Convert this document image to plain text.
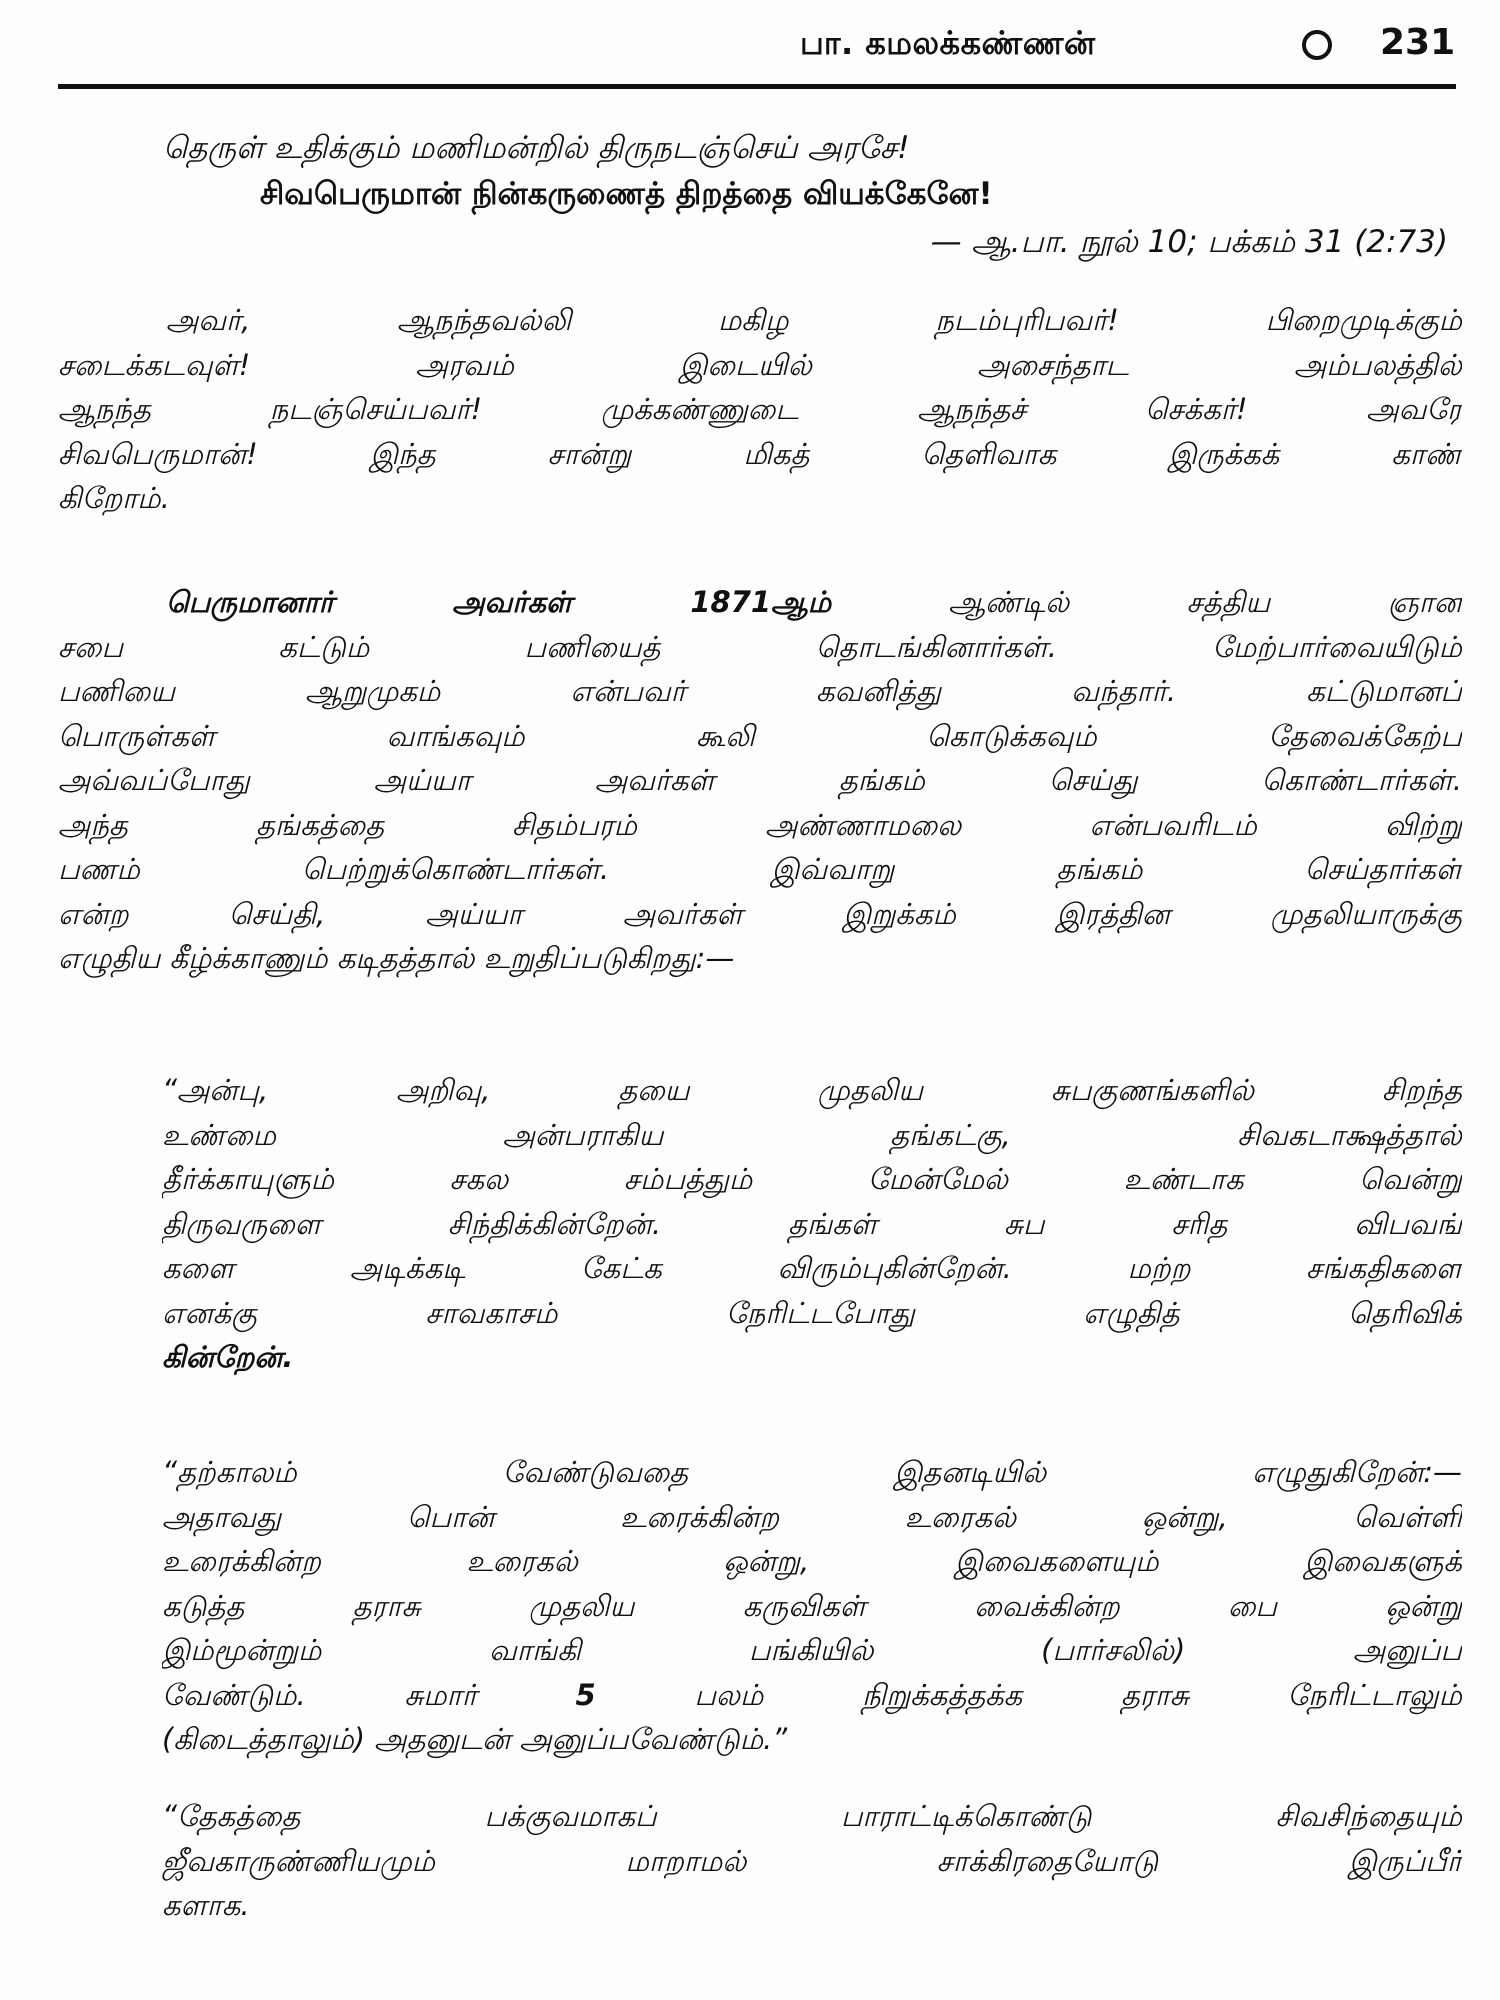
பா. கமலக்கண்ணன்	231
தெருள் உதிக்கும் மணிமன்றில் திருநடஞ்செய் அரசே!
சிவபெருமான் நின்கருணைத் திறத்தை வியக்கேனே!
— ஆ.பா. நூல் 10; பக்கம் 31 (2:73)
அவர், ஆநந்தவல்லி மகிழ நடம்புரிபவர்! பிறைமுடிக்கும்
சடைக்கடவுள்! அரவம் இடையில் அசைந்தாட அம்பலத்தில்
ஆநந்த நடஞ்செய்பவர்! முக்கண்ணுடை ஆநந்தச் செக்கர்! அவரே
சிவபெருமான்! இந்த சான்று மிகத் தெளிவாக இருக்கக் காண்
கிறோம்.
பெருமானார் அவர்கள் 1871ஆம் ஆண்டில் சத்திய ஞான
சபை கட்டும் பணியைத் தொடங்கினார்கள். மேற்பார்வையிடும்
பணியை ஆறுமுகம் என்பவர் கவனித்து வந்தார். கட்டுமானப்
பொருள்கள் வாங்கவும் கூலி கொடுக்கவும் தேவைக்கேற்ப
அவ்வப்போது அய்யா அவர்கள் தங்கம் செய்து கொண்டார்கள்.
அந்த தங்கத்தை சிதம்பரம் அண்ணாமலை என்பவரிடம் விற்று
பணம் பெற்றுக்கொண்டார்கள். இவ்வாறு தங்கம் செய்தார்கள்
என்ற செய்தி, அய்யா அவர்கள் இறுக்கம் இரத்தின முதலியாருக்கு
எழுதிய கீழ்க்காணும் கடிதத்தால் உறுதிப்படுகிறது:—
“அன்பு, அறிவு, தயை முதலிய சுபகுணங்களில் சிறந்த
உண்மை அன்பராகிய தங்கட்கு, சிவகடாக்ஷத்தால்
தீர்க்காயுளும் சகல சம்பத்தும் மேன்மேல் உண்டாக வென்று
திருவருளை சிந்திக்கின்றேன். தங்கள் சுப சரித விபவங்
களை அடிக்கடி கேட்க விரும்புகின்றேன். மற்ற சங்கதிகளை
எனக்கு சாவகாசம் நேரிட்டபோது எழுதித் தெரிவிக்
கின்றேன்.
“தற்காலம் வேண்டுவதை இதனடியில் எழுதுகிறேன்:—
அதாவது பொன் உரைக்கின்ற உரைகல் ஒன்று, வெள்ளி
உரைக்கின்ற உரைகல் ஒன்று, இவைகளையும் இவைகளுக்
கடுத்த தராசு முதலிய கருவிகள் வைக்கின்ற பை ஒன்று
இம்மூன்றும் வாங்கி பங்கியில் (பார்சலில்) அனுப்ப
வேண்டும். சுமார் 5 பலம் நிறுக்கத்தக்க தராசு நேரிட்டாலும்
(கிடைத்தாலும்) அதனுடன் அனுப்பவேண்டும்.”
“தேகத்தை பக்குவமாகப் பாராட்டிக்கொண்டு சிவசிந்தையும்
ஜீவகாருண்ணியமும் மாறாமல் சாக்கிரதையோடு இருப்பீர்
களாக.
